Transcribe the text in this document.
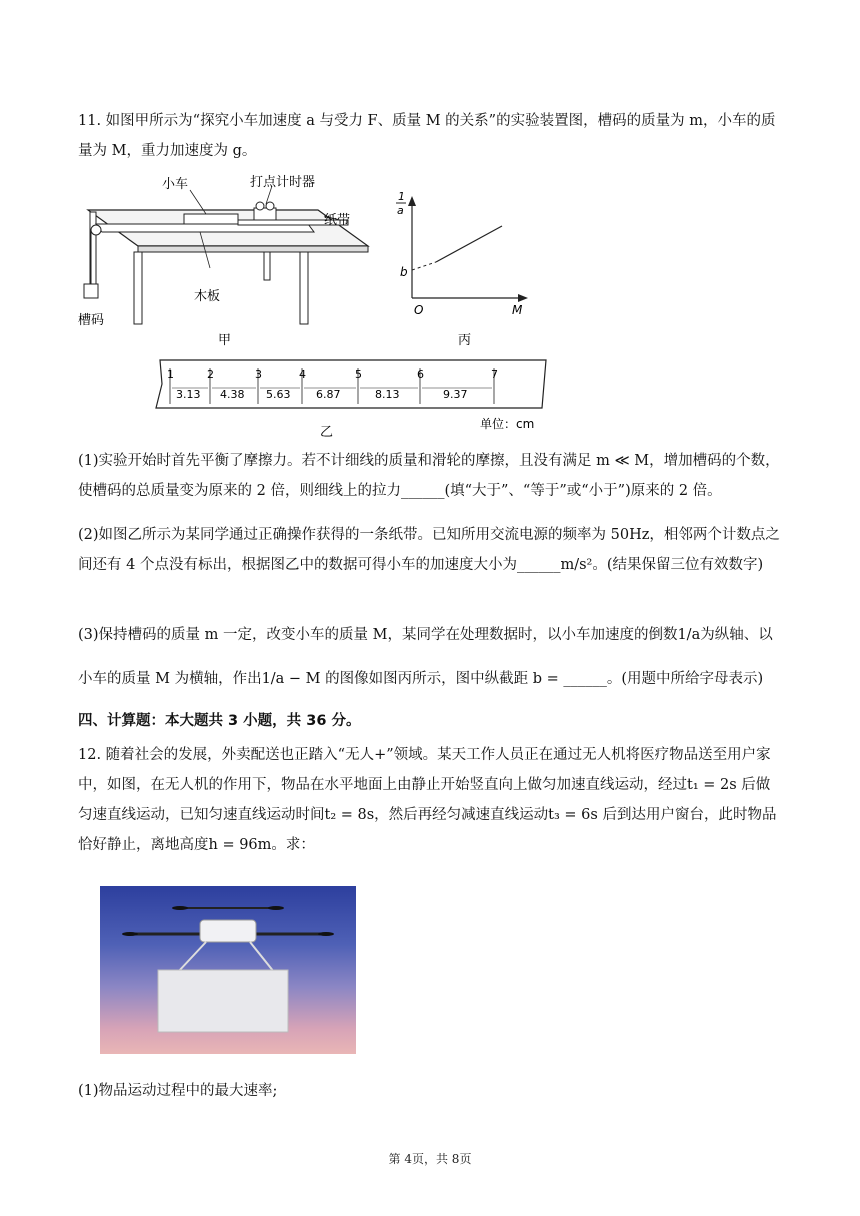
11. 如图甲所示为“探究小车加速度 a 与受力 F、质量 M 的关系”的实验装置图，槽码的质量为 m，小车的质量为 M，重力加速度为 g。
小车	打点计时器
纸带
木板
槽码
甲
1
a
b
O	M
丙
1	2	3	4	5	6	7
3.13 4.38 5.63 6.87	8.13	9.37
乙
单位：cm
(1)实验开始时首先平衡了摩擦力。若不计细线的质量和滑轮的摩擦，且没有满足 m ≪ M，增加槽码的个数，使槽码的总质量变为原来的 2 倍，则细线上的拉力______(填“大于”、“等于”或“小于”)原来的 2 倍。
(2)如图乙所示为某同学通过正确操作获得的一条纸带。已知所用交流电源的频率为 50Hz，相邻两个计数点之间还有 4 个点没有标出，根据图乙中的数据可得小车的加速度大小为______m/s²。(结果保留三位有效数字)
(3)保持槽码的质量 m 一定，改变小车的质量 M，某同学在处理数据时，以小车加速度的倒数1/a为纵轴、以
小车的质量 M 为横轴，作出1/a − M 的图像如图丙所示，图中纵截距 b = ______。(用题中所给字母表示)
四、计算题：本大题共 3 小题，共 36 分。
12. 随着社会的发展，外卖配送也正踏入“无人+”领域。某天工作人员正在通过无人机将医疗物品送至用户家中，如图，在无人机的作用下，物品在水平地面上由静止开始竖直向上做匀加速直线运动，经过t₁ = 2s 后做匀速直线运动，已知匀速直线运动时间t₂ = 8s，然后再经匀减速直线运动t₃ = 6s 后到达用户窗台，此时物品恰好静止，离地高度h = 96m。求：
(1)物品运动过程中的最大速率;
第 4页，共 8页
